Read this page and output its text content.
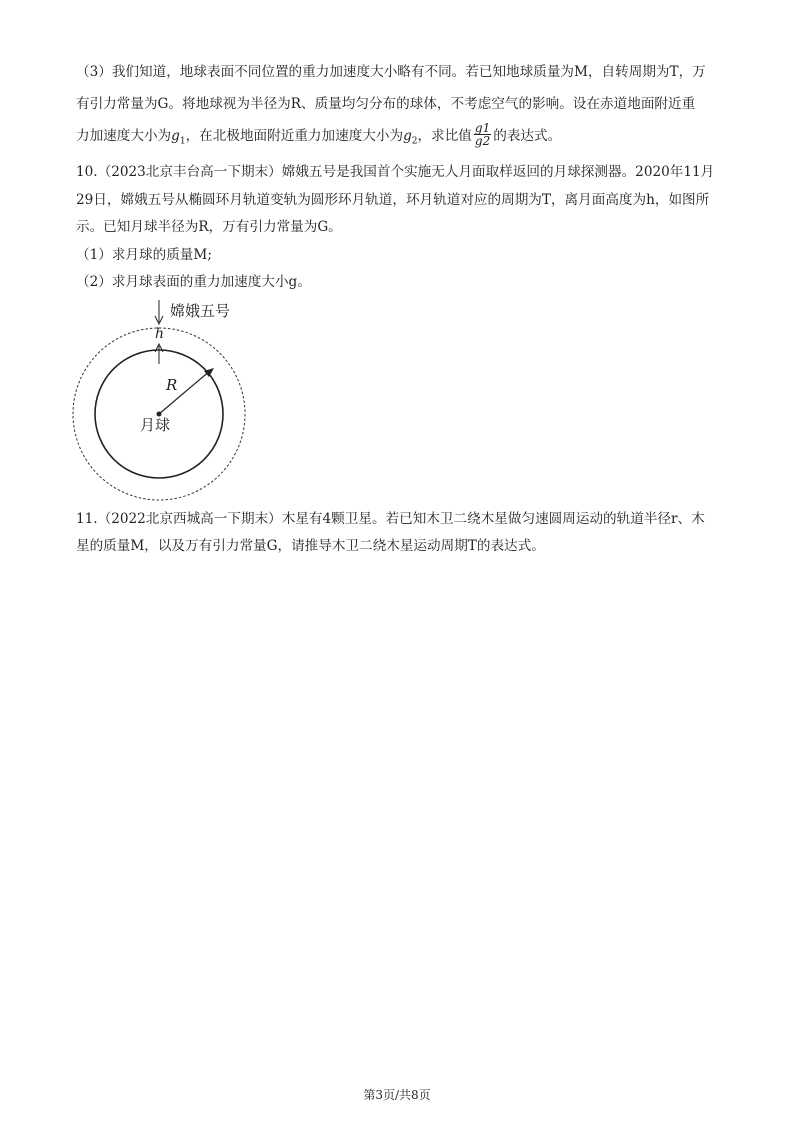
（3）我们知道，地球表面不同位置的重力加速度大小略有不同。若已知地球质量为M，自转周期为T，万
有引力常量为G。将地球视为半径为R、质量均匀分布的球体，不考虑空气的影响。设在赤道地面附近重
力加速度大小为$g_1$，在北极地面附近重力加速度大小为$g_2$，求比值 $\frac{g1}{g2}$ 的表达式。
10.（2023北京丰台高一下期末）嫦娥五号是我国首个实施无人月面取样返回的月球探测器。2020年11月
29日，嫦娥五号从椭圆环月轨道变轨为圆形环月轨道，环月轨道对应的周期为T，离月面高度为h，如图所
示。已知月球半径为R，万有引力常量为G。
（1）求月球的质量M;
（2）求月球表面的重力加速度大小g。
嫦娥五号
h
R
月球
11.（2022北京西城高一下期末）木星有4颗卫星。若已知木卫二绕木星做匀速圆周运动的轨道半径r、木
星的质量M，以及万有引力常量G，请推导木卫二绕木星运动周期T的表达式。
第3页/共8页
